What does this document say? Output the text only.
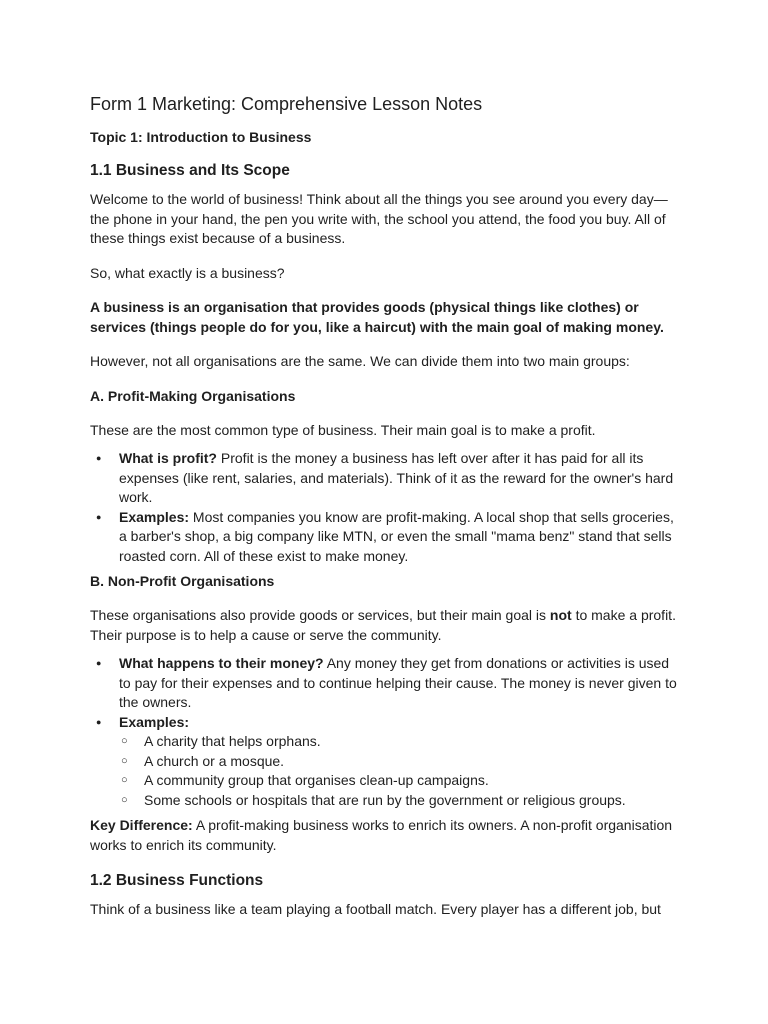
Form 1 Marketing: Comprehensive Lesson Notes
Topic 1: Introduction to Business
1.1 Business and Its Scope

Welcome to the world of business! Think about all the things you see around you every day—the phone in your hand, the pen you write with, the school you attend, the food you buy. All of these things exist because of a business.

So, what exactly is a business?

A business is an organisation that provides goods (physical things like clothes) or services (things people do for you, like a haircut) with the main goal of making money.

However, not all organisations are the same. We can divide them into two main groups:

A. Profit-Making Organisations

These are the most common type of business. Their main goal is to make a profit.

● What is profit? Profit is the money a business has left over after it has paid for all its expenses (like rent, salaries, and materials). Think of it as the reward for the owner's hard work.
● Examples: Most companies you know are profit-making. A local shop that sells groceries, a barber's shop, a big company like MTN, or even the small "mama benz" stand that sells roasted corn. All of these exist to make money.
B. Non-Profit Organisations

These organisations also provide goods or services, but their main goal is not to make a profit. Their purpose is to help a cause or serve the community.

● What happens to their money? Any money they get from donations or activities is used to pay for their expenses and to continue helping their cause. The money is never given to the owners.
● Examples:
○ A charity that helps orphans.
○ A church or a mosque.
○ A community group that organises clean-up campaigns.
○ Some schools or hospitals that are run by the government or religious groups.

Key Difference: A profit-making business works to enrich its owners. A non-profit organisation works to enrich its community.

1.2 Business Functions

Think of a business like a team playing a football match. Every player has a different job, but
